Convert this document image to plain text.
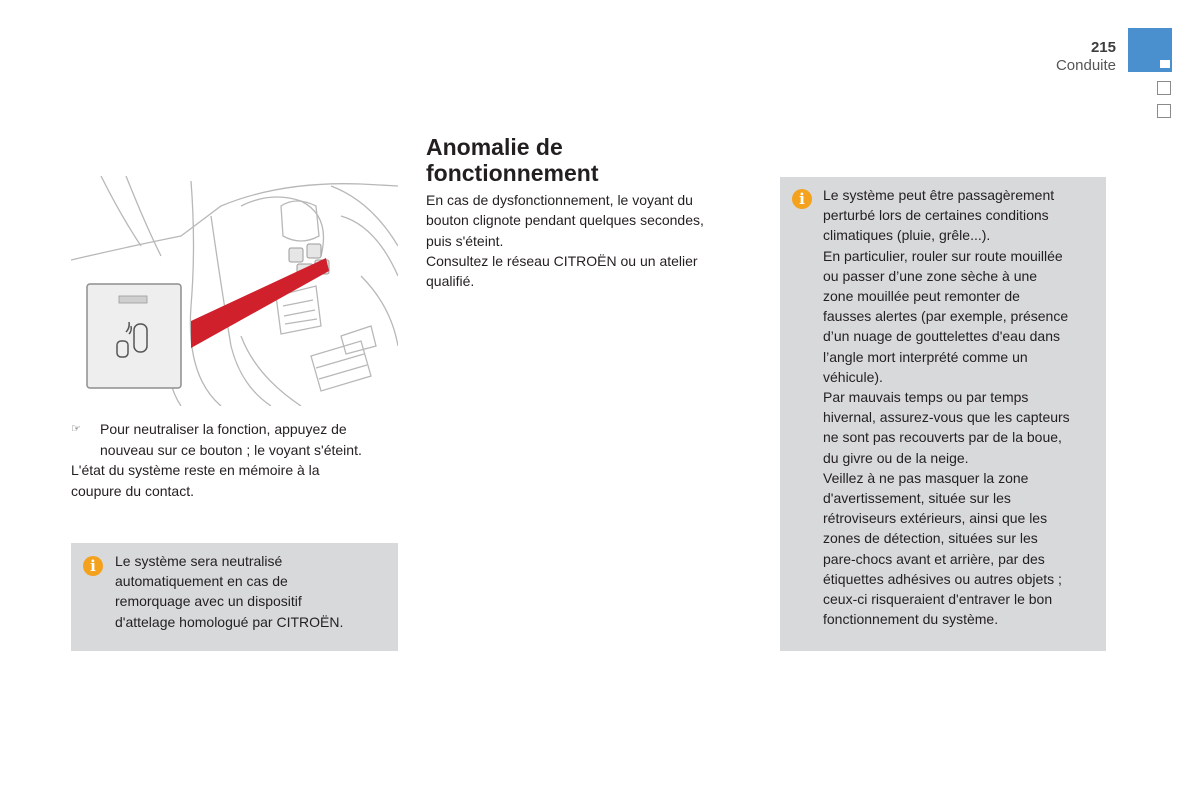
215
Conduite
☞ Pour neutraliser la fonction, appuyez de
nouveau sur ce bouton ; le voyant s'éteint.

L'état du système reste en mémoire à la
coupure du contact.

i	Le système sera neutralisé
automatiquement en cas de
remorquage avec un dispositif
d'attelage homologué par CITROËN.

Anomalie de
fonctionnement

En cas de dysfonctionnement, le voyant du
bouton clignote pendant quelques secondes,
puis s'éteint.
Consultez le réseau CITROËN ou un atelier
qualifié.

i	Le système peut être passagèrement
perturbé lors de certaines conditions
climatiques (pluie, grêle...).
En particulier, rouler sur route mouillée
ou passer d’une zone sèche à une
zone mouillée peut remonter de
fausses alertes (par exemple, présence
d’un nuage de gouttelettes d'eau dans
l’angle mort interprété comme un
véhicule).
Par mauvais temps ou par temps
hivernal, assurez-vous que les capteurs
ne sont pas recouverts par de la boue,
du givre ou de la neige.
Veillez à ne pas masquer la zone
d'avertissement, située sur les
rétroviseurs extérieurs, ainsi que les
zones de détection, situées sur les
pare-chocs avant et arrière, par des
étiquettes adhésives ou autres objets ;
ceux-ci risqueraient d'entraver le bon
fonctionnement du système.
